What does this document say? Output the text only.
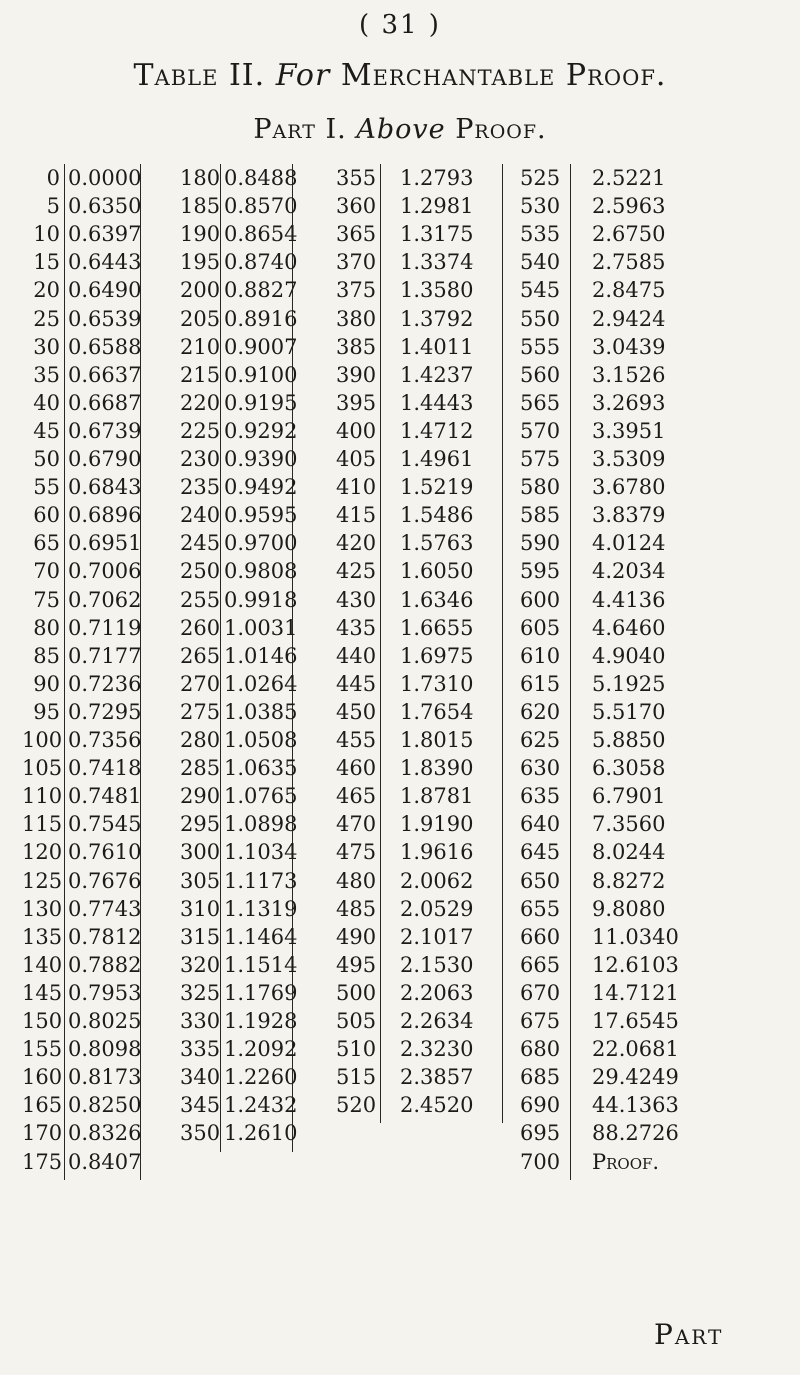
( 31 )
Table II. For Merchantable Proof.
Part I. Above Proof.
0 0.0000
5 0.6350
10 0.6397
15 0.6443
20 0.6490
25 0.6539
30 0.6588
35 0.6637
40 0.6687
45 0.6739
50 0.6790
55 0.6843
60 0.6896
65 0.6951
70 0.7006
75 0.7062
80 0.7119
85 0.7177
90 0.7236
95 0.7295
100 0.7356
105 0.7418
110 0.7481
115 0.7545
120 0.7610
125 0.7676
130 0.7743
135 0.7812
140 0.7882
145 0.7953
150 0.8025
155 0.8098
160 0.8173
165 0.8250
170 0.8326
175 0.8407
180 0.8488
185 0.8570
190 0.8654
195 0.8740
200 0.8827
205 0.8916
210 0.9007
215 0.9100
220 0.9195
225 0.9292
230 0.9390
235 0.9492
240 0.9595
245 0.9700
250 0.9808
255 0.9918
260 1.0031
265 1.0146
270 1.0264
275 1.0385
280 1.0508
285 1.0635
290 1.0765
295 1.0898
300 1.1034
305 1.1173
310 1.1319
315 1.1464
320 1.1514
325 1.1769
330 1.1928
335 1.2092
340 1.2260
345 1.2432
350 1.2610
355 1.2793
360 1.2981
365 1.3175
370 1.3374
375 1.3580
380 1.3792
385 1.4011
390 1.4237
395 1.4443
400 1.4712
405 1.4961
410 1.5219
415 1.5486
420 1.5763
425 1.6050
430 1.6346
435 1.6655
440 1.6975
445 1.7310
450 1.7654
455 1.8015
460 1.8390
465 1.8781
470 1.9190
475 1.9616
480 2.0062
485 2.0529
490 2.1017
495 2.1530
500 2.2063
505 2.2634
510 2.3230
515 2.3857
520 2.4520
525 2.5221
530 2.5963
535 2.6750
540 2.7585
545 2.8475
550 2.9424
555 3.0439
560 3.1526
565 3.2693
570 3.3951
575 3.5309
580 3.6780
585 3.8379
590 4.0124
595 4.2034
600 4.4136
605 4.6460
610 4.9040
615 5.1925
620 5.5170
625 5.8850
630 6.3058
635 6.7901
640 7.3560
645 8.0244
650 8.8272
655 9.8080
660 11.0340
665 12.6103
670 14.7121
675 17.6545
680 22.0681
685 29.4249
690 44.1363
695 88.2726
700 Proof.
Part
